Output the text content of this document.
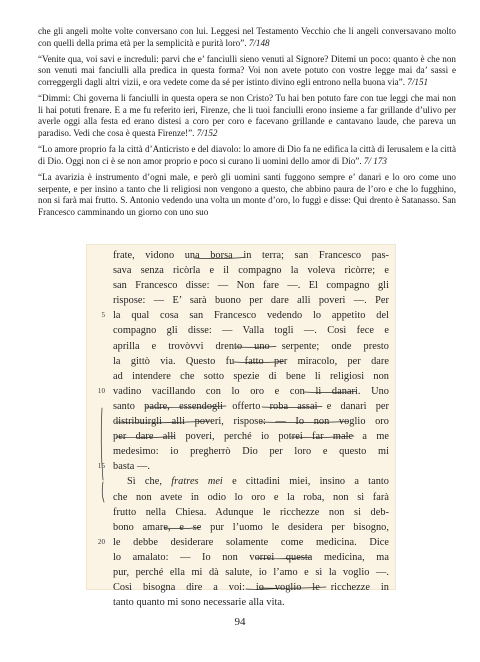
che gli angeli molte volte conversano con lui. Leggesi nel Testamento Vecchio che li angeli conversavano molto con quelli della prima età per la semplicità e purità loro”. 7/148

“Venite qua, voi savi e increduli: parvi che e’ fanciulli sieno venuti al Signore? Ditemi un poco: quanto è che non son venuti mai fanciulli alla predica in questa forma? Voi non avete potuto con vostre legge mai da’ sassi e correggergli dagli altri vizii, e ora vedete come da sé per istinto divino egli entrono nella buona via”. 7/151

“Dimmi: Chi governa li fanciulli in questa opera se non Cristo? Tu hai ben potuto fare con tue leggi che mai non li hai potuti frenare. E a me fu referito ieri, Firenze, che li tuoi fanciulli erono insieme a far grillande d’ulivo per averle oggi alla festa ed erano distesi a coro per coro e facevano grillande e cantavano laude, che pareva un paradiso. Vedi che cosa è questa Firenze!”. 7/152

“Lo amore proprio fa la città d’Anticristo e del diavolo: lo amore di Dio fa ne edifica la città di Ierusalem e la città di Dio. Oggi non ci è se non amor proprio e poco si curano li uomini dello amor di Dio”. 7/ 173

“La avarizia è instrumento d’ogni male, e però gli uomini santi fuggono sempre e’ danari e lo oro come uno serpente, e per insino a tanto che li religiosi non vengono a questo, che abbino paura de l’oro e che lo fugghino, non si farà mai frutto. S. Antonio vedendo una volta un monte d’oro, lo fuggì e disse: Qui drento è Satanasso. San Francesco camminando un giorno con uno suo

frate, vidono una borsa in terra; san Francesco pas-
sava senza ricòrla e il compagno la voleva ricòrre; e
san Francesco disse: — Non fare —. El compagno gli
rispose: — E’ sarà buono per dare alli poveri —. Per
5 la qual cosa san Francesco vedendo lo appetito del
compagno gli disse: — Valla togli —. Così fece e
aprilla e trovòvvi drento uno serpente; onde presto
la gittò via. Questo fu fatto per miracolo, per dare
ad intendere che sotto spezie di bene li religiosi non
10 vadino vacillando con lo oro e con li danari. Uno
santo padre, essendogli offerto roba assai e danari per
distribuirgli alli poveri, rispose: — Io non voglio oro
per dare alli poveri, perché io potrei far male a me
medesimo: io pregherrò Dio per loro e questo mi
15 basta —.
Sì che, fratres mei e cittadini miei, insino a tanto
che non avete in odio lo oro e la roba, non si farà
frutto nella Chiesa. Adunque le ricchezze non si deb-
bono amare, e se pur l’uomo le desidera per bisogno,
20 le debbe desiderare solamente come medicina. Dice
lo amalato: — Io non vorrei questa medicina, ma
pur, perché ella mi dà salute, io l’amo e sì la voglio —.
Così bisogna dire a voi: io voglio le ricchezze in
tanto quanto mi sono necessarie alla vita.
94
